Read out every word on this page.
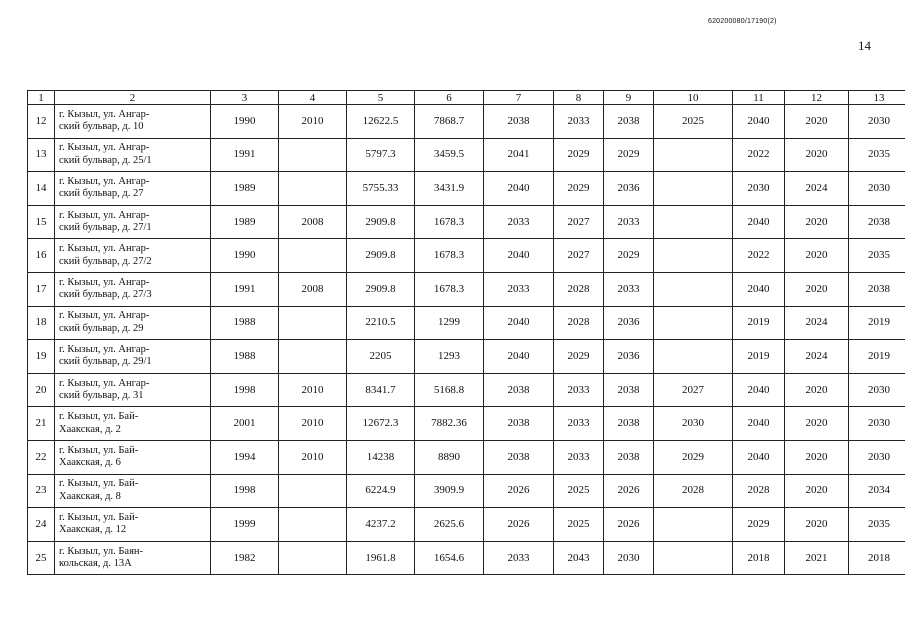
620200080/17190(2)
14
1	2	3	4	5	6	7	8	9	10	11	12	13
12	г. Кызыл, ул. Ангар-
ский бульвар, д. 10	1990	2010	12622.5	7868.7	2038	2033	2038	2025	2040	2020	2030
13	г. Кызыл, ул. Ангар-
ский бульвар, д. 25/1	1991		5797.3	3459.5	2041	2029	2029		2022	2020	2035
14	г. Кызыл, ул. Ангар-
ский бульвар, д. 27	1989		5755.33	3431.9	2040	2029	2036		2030	2024	2030
15	г. Кызыл, ул. Ангар-
ский бульвар, д. 27/1	1989	2008	2909.8	1678.3	2033	2027	2033		2040	2020	2038
16	г. Кызыл, ул. Ангар-
ский бульвар, д. 27/2	1990		2909.8	1678.3	2040	2027	2029		2022	2020	2035
17	г. Кызыл, ул. Ангар-
ский бульвар, д. 27/3	1991	2008	2909.8	1678.3	2033	2028	2033		2040	2020	2038
18	г. Кызыл, ул. Ангар-
ский бульвар, д. 29	1988		2210.5	1299	2040	2028	2036		2019	2024	2019
19	г. Кызыл, ул. Ангар-
ский бульвар, д. 29/1	1988		2205	1293	2040	2029	2036		2019	2024	2019
20	г. Кызыл, ул. Ангар-
ский бульвар, д. 31	1998	2010	8341.7	5168.8	2038	2033	2038	2027	2040	2020	2030
21	г. Кызыл, ул. Бай-
Хаакская, д. 2	2001	2010	12672.3	7882.36	2038	2033	2038	2030	2040	2020	2030
22	г. Кызыл, ул. Бай-
Хаакская, д. 6	1994	2010	14238	8890	2038	2033	2038	2029	2040	2020	2030
23	г. Кызыл, ул. Бай-
Хаакская, д. 8	1998		6224.9	3909.9	2026	2025	2026	2028	2028	2020	2034
24	г. Кызыл, ул. Бай-
Хаакская, д. 12	1999		4237.2	2625.6	2026	2025	2026		2029	2020	2035
25	г. Кызыл, ул. Баян-
кольская, д. 13А	1982		1961.8	1654.6	2033	2043	2030		2018	2021	2018
